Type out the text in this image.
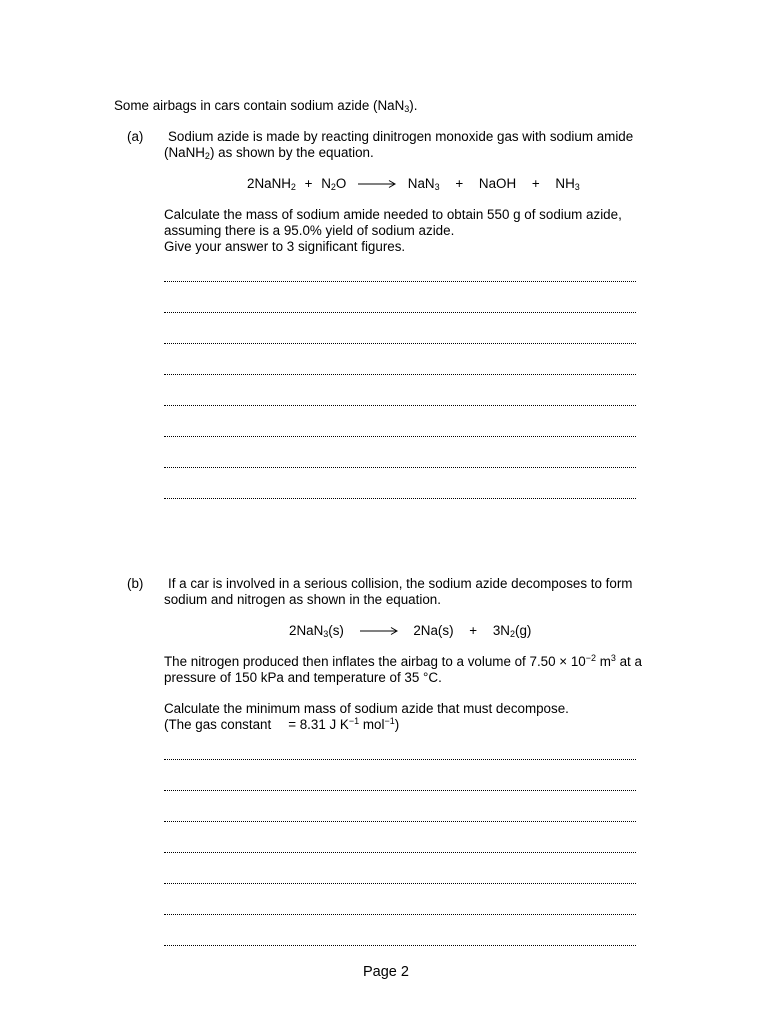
Some airbags in cars contain sodium azide (NaN$_3$).
(a) Sodium azide is made by reacting dinitrogen monoxide gas with sodium amide
(NaNH$_2$) as shown by the equation.
2NaNH$_2$ + $N_2O \to NaN_3$ + NaOH + $NH_3$
Calculate the mass of sodium amide needed to obtain 550 g of sodium azide,
assuming there is a 95.0% yield of sodium azide.
Give your answer to 3 significant figures.
(b) If a car is involved in a serious collision, the sodium azide decomposes to form
sodium and nitrogen as shown in the equation.
$2NaN_3(s) \to 2Na(s) + 3N_2(g)$
The nitrogen produced then inflates the airbag to a volume of $7.50 \times 10^{-2}$ $m^3$ at a
pressure of 150 kPa and temperature of 35 °C.
Calculate the minimum mass of sodium azide that must decompose.
(The gas constant = 8.31 J $K^{-1}$ mol$^{-1}$)
Page 2
